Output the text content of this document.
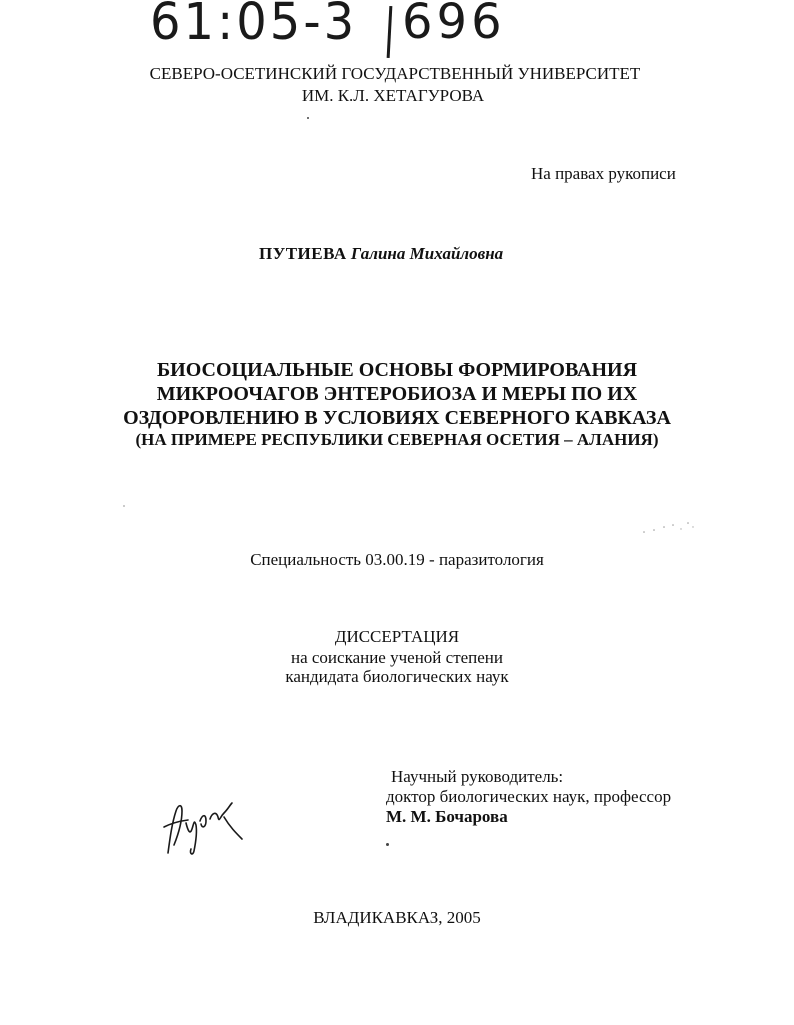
61:05-3 696
СЕВЕРО-ОСЕТИНСКИЙ ГОСУДАРСТВЕННЫЙ УНИВЕРСИТЕТ
ИМ. К.Л. ХЕТАГУРОВА
На правах рукописи
ПУТИЕВА Галина Михайловна
БИОСОЦИАЛЬНЫЕ ОСНОВЫ ФОРМИРОВАНИЯ
МИКРООЧАГОВ ЭНТЕРОБИОЗА И МЕРЫ ПО ИХ
ОЗДОРОВЛЕНИЮ В УСЛОВИЯХ СЕВЕРНОГО КАВКАЗА
(НА ПРИМЕРЕ РЕСПУБЛИКИ СЕВЕРНАЯ ОСЕТИЯ – АЛАНИЯ)
Специальность 03.00.19 - паразитология
ДИССЕРТАЦИЯ
на соискание ученой степени
кандидата биологических наук
Научный руководитель:
доктор биологических наук, профессор
М. М. Бочарова
ВЛАДИКАВКАЗ, 2005
